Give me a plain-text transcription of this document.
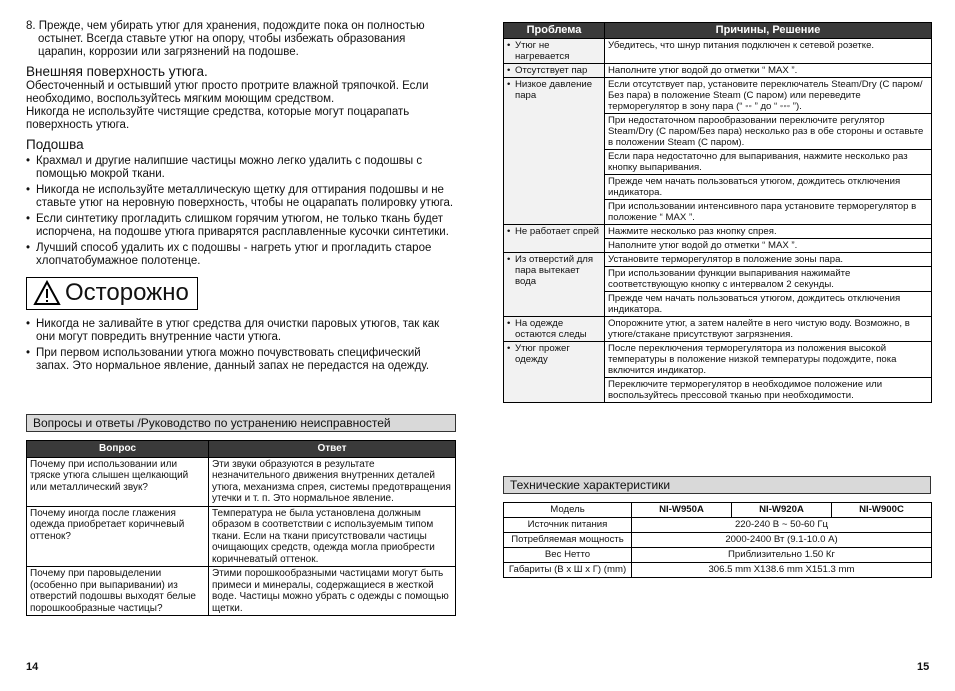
8. Прежде, чем убирать утюг для хранения, подождите пока он полностью остынет. Всегда ставьте утюг на опору, чтобы избежать образования царапин, коррозии или загрязнений на подошве.

Внешняя поверхность утюга.

Обесточенный и остывший утюг просто протрите влажной тряпочкой. Если необходимо, воспользуйтесь мягким моющим средством.

Никогда не используйте чистящие средства, которые могут поцарапать поверхность утюга.

Подошва
• Крахмал и другие налипшие частицы можно легко удалить с подошвы с помощью мокрой ткани.
• Никогда не используйте металлическую щетку для оттирания подошвы и не ставьте утюг на неровную поверхность, чтобы не оцарапать полировку утюга.
• Если синтетику прогладить слишком горячим утюгом, не только ткань будет испорчена, на подошве утюга приварятся расплавленные кусочки синтетики.
• Лучший способ удалить их с подошвы - нагреть утюг и прогладить старое хлопчатобумажное полотенце.
Осторожно
• Никогда не заливайте в утюг средства для очистки паровых утюгов, так как они могут повредить внутренние части утюга.
• При первом использовании утюга можно почувствовать специфический запах. Это нормальное явление, данный запах не передастся на одежду.
Вопросы и ответы /Руководство по устранению неисправностей
Вопрос	Ответ
Почему при использовании или тряске утюга слышен щелкающий или металлический звук?	Эти звуки образуются в результате незначительного движения внутренних деталей утюга, механизма спрея, системы предотвращения утечки и т. п. Это нормальное явление.
Почему иногда после глажения одежда приобретает коричневый оттенок?	Температура не была установлена должным образом в соответствии с используемым типом ткани. Если на ткани присутствовали частицы очищающих средств, одежда могла приобрести коричневатый оттенок.
Почему при паровыделении (особенно при выпаривании) из отверстий подошвы выходят белые порошкообразные частицы?	Этими порошкообразными частицами могут быть примеси и минералы, содержащиеся в жесткой воде. Частицы можно убрать с одежды с помощью щетки.
14
Проблема	Причины, Решение

• Утюг не нагревается	Убедитесь, что шнур питания подключен к сетевой розетке.

• Отсутствует пар	Наполните утюг водой до отметки “ MAX ”.

• Низкое давление пара	Если отсутствует пар, установите переключатель Steam/Dry (С паром/Без пара) в положение Steam (С паром) или переведите терморегулятор в зону пара (“ ◦◦ ” до “ ◦◦◦ ”).
	При недостаточном парообразовании переключите регулятор Steam/Dry (С паром/Без пара) несколько раз в обе стороны и оставьте в положении Steam (С паром).
	Если пара недостаточно для выпаривания, нажмите несколько раз кнопку выпаривания.
	Прежде чем начать пользоваться утюгом, дождитесь отключения индикатора.
	При использовании интенсивного пара установите терморегулятор в положение “ MAX ”.

• Не работает спрей	Нажмите несколько раз кнопку спрея.
	Наполните утюг водой до отметки “ MAX ”.

• Из отверстий для пара вытекает вода	Установите терморегулятор в положение зоны пара.
	При использовании функции выпаривания нажимайте соответствующую кнопку с интервалом 2 секунды.
	Прежде чем начать пользоваться утюгом, дождитесь отключения индикатора.

• На одежде остаются следы	Опорожните утюг, а затем налейте в него чистую воду. Возможно, в утюге/стакане присутствуют загрязнения.

• Утюг прожег одежду	После переключения терморегулятора из положения высокой температуры в положение низкой температуры подождите, пока включится индикатор.
	Переключите терморегулятор в необходимое положение или воспользуйтесь прессовой тканью при необходимости.
Технические характеристики
Модель	NI-W950A	NI-W920A	NI-W900C
Источник питания	220-240 В ~ 50-60 Гц		
Потребляемая мощность	2000-2400 Вт (9.1-10.0 А)		
Вес Нетто	Приблизительно 1.50 Кг		
Габариты (В x Ш x Г) (mm)	306.5 mm X138.6 mm X151.3 mm		
15
